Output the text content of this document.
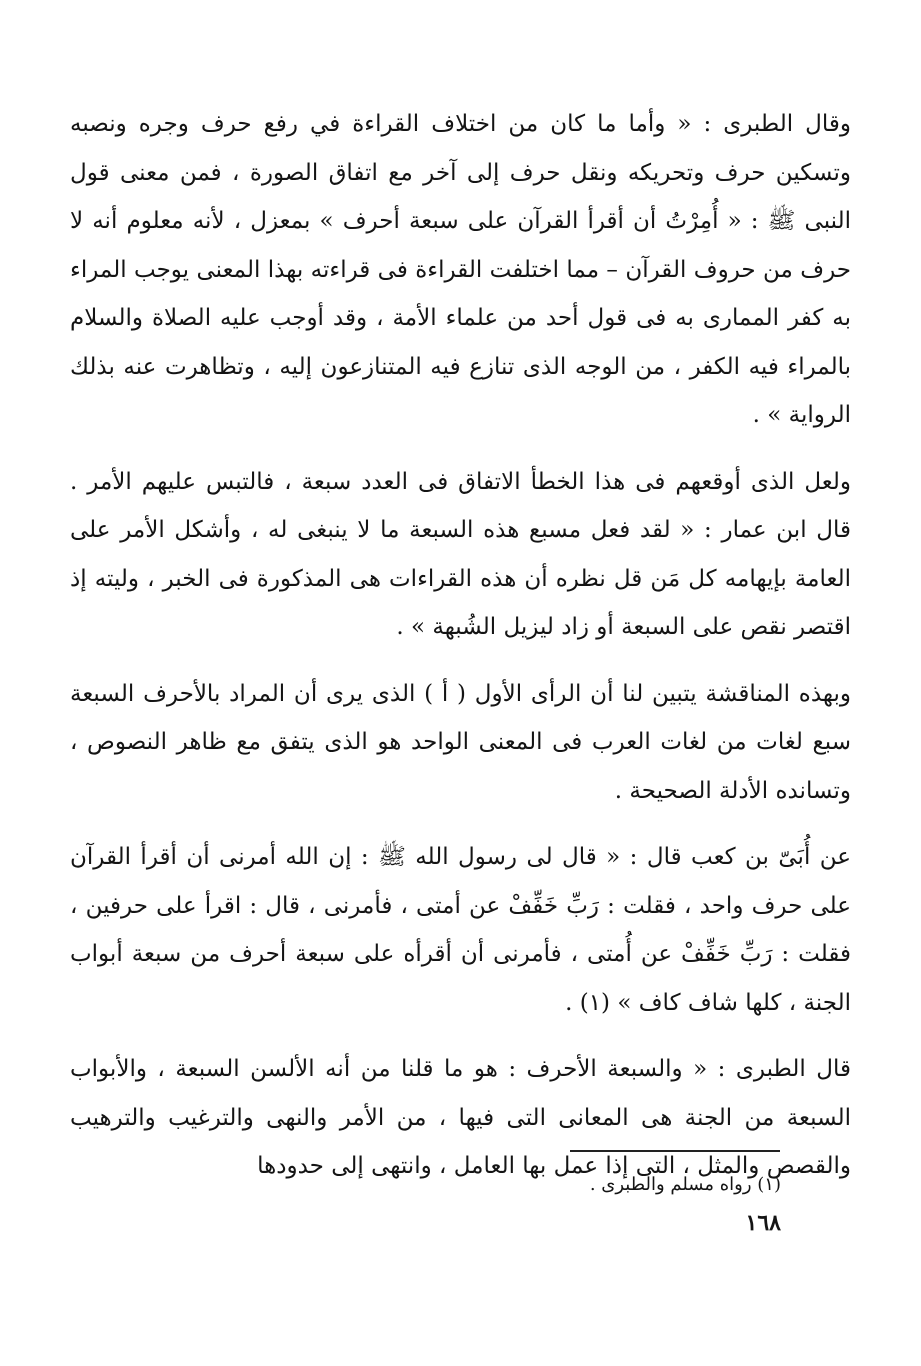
وقال الطبرى : « وأما ما كان من اختلاف القراءة في رفع حرف وجره ونصبه وتسكين حرف وتحريكه ونقل حرف إلى آخر مع اتفاق الصورة ، فمن معنى قول النبى ﷺ : « أُمِرْتُ أن أقرأ القرآن على سبعة أحرف » بمعزل ، لأنه معلوم أنه لا حرف من حروف القرآن – مما اختلفت القراءة فى قراءته بهذا المعنى يوجب المراء به كفر الممارى به فى قول أحد من علماء الأمة ، وقد أوجب عليه الصلاة والسلام بالمراء فيه الكفر ، من الوجه الذى تنازع فيه المتنازعون إليه ، وتظاهرت عنه بذلك الرواية » .

ولعل الذى أوقعهم فى هذا الخطأ الاتفاق فى العدد سبعة ، فالتبس عليهم الأمر . قال ابن عمار : « لقد فعل مسبع هذه السبعة ما لا ينبغى له ، وأشكل الأمر على العامة بإيهامه كل مَن قل نظره أن هذه القراءات هى المذكورة فى الخبر ، وليته إذ اقتصر نقص على السبعة أو زاد ليزيل الشُبهة » .

وبهذه المناقشة يتبين لنا أن الرأى الأول ( أ ) الذى يرى أن المراد بالأحرف السبعة سبع لغات من لغات العرب فى المعنى الواحد هو الذى يتفق مع ظاهر النصوص ، وتسانده الأدلة الصحيحة .

عن أُبَىّ بن كعب قال : « قال لى رسول الله ﷺ : إن الله أمرنى أن أقرأ القرآن على حرف واحد ، فقلت : رَبِّ خَفِّفْ عن أمتى ، فأمرنى ، قال : اقرأ على حرفين ، فقلت : رَبِّ خَفِّفْ عن أُمتى ، فأمرنى أن أقرأه على سبعة أحرف من سبعة أبواب الجنة ، كلها شاف كاف » (١) .

قال الطبرى : « والسبعة الأحرف : هو ما قلنا من أنه الألسن السبعة ، والأبواب السبعة من الجنة هى المعانى التى فيها ، من الأمر والنهى والترغيب والترهيب والقصص والمثل ، التى إذا عمل بها العامل ، وانتهى إلى حدودها

(١) رواه مسلم والطبرى .
١٦٨
